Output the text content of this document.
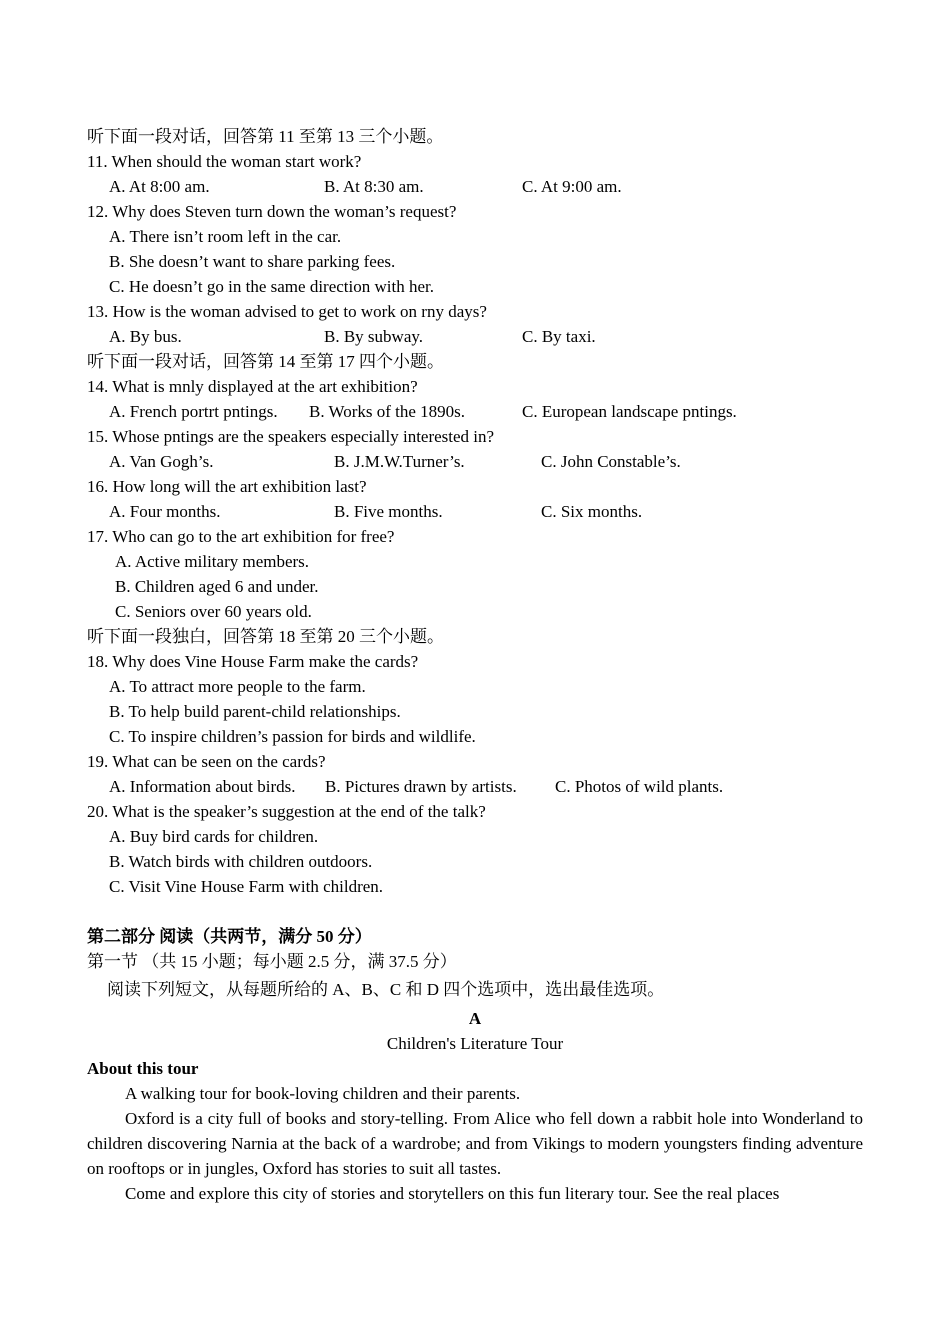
听下面一段对话，回答第 11 至第 13 三个小题。
11. When should the woman start work?
A. At 8:00 am.	B. At 8:30 am.	C. At 9:00 am.
12. Why does Steven turn down the woman’s request?
A. There isn’t room left in the car.
B. She doesn’t want to share parking fees.
C. He doesn’t go in the same direction with her.
13. How is the woman advised to get to work on rny days?
A. By bus.	B. By subway.	C. By taxi.
听下面一段对话，回答第 14 至第 17 四个小题。
14. What is mnly displayed at the art exhibition?
A. French portrt pntings. B. Works of the 1890s.	C. European landscape pntings.
15. Whose pntings are the speakers especially interested in?
A. Van Gogh’s.	B. J.M.W.Turner’s.	C. John Constable’s.
16. How long will the art exhibition last?
A. Four months.	B. Five months.	C. Six months.
17. Who can go to the art exhibition for free?
A. Active military members.
B. Children aged 6 and under.
C. Seniors over 60 years old.
听下面一段独白，回答第 18 至第 20 三个小题。
18. Why does Vine House Farm make the cards?
A. To attract more people to the farm.
B. To help build parent-child relationships.
C. To inspire children’s passion for birds and wildlife.
19. What can be seen on the cards?
A. Information about birds. B. Pictures drawn by artists. C. Photos of wild plants.
20. What is the speaker’s suggestion at the end of the talk?
A. Buy bird cards for children.
B. Watch birds with children outdoors.
C. Visit Vine House Farm with children.
第二部分 阅读（共两节，满分 50 分）
第一节 （共 15 小题；每小题 2.5 分，满 37.5 分）
阅读下列短文，从每题所给的 A、B、C 和 D 四个选项中，选出最佳选项。
A
Children's Literature Tour
About this tour
A walking tour for book-loving children and their parents.
Oxford is a city full of books and story-telling. From Alice who fell down a rabbit hole into Wonderland to children discovering Narnia at the back of a wardrobe; and from Vikings to modern youngsters finding adventure on rooftops or in jungles, Oxford has stories to suit all tastes.
Come and explore this city of stories and storytellers on this fun literary tour. See the real places
